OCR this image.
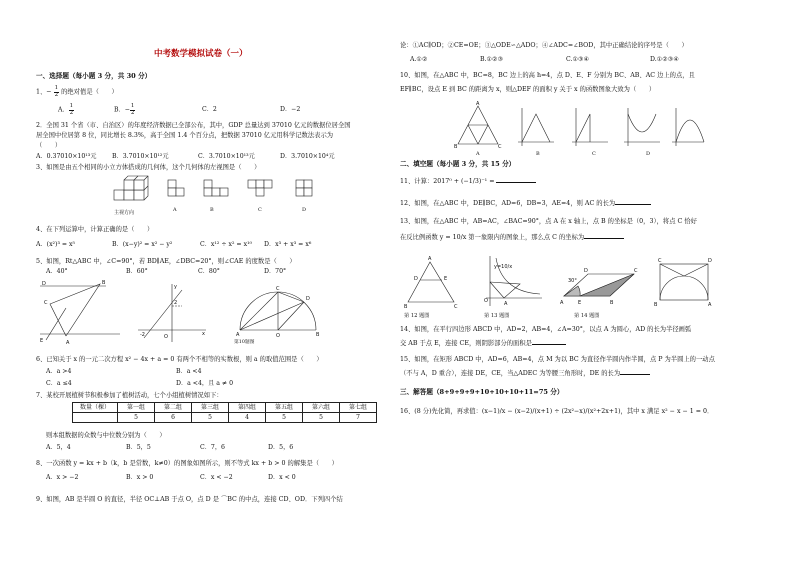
中考数学模拟试卷（一）
一、选择题（每小题 3 分，共 30 分）
1、− $\frac{1}{2}$ 的绝对值是（　　）
A． $\frac{1}{2}$	B．− $\frac{1}{2}$	C．2	D．−2
2．全国 31 个省（市、自治区）的年度经济数据已全部公布，其中，GDP 总量达到 37010 亿元的数据位居全国
居全国中位居第 8 位，同比增长 8.3%，高于全国 1.4 个百分点，把数据 37010 亿元用科学记数法表示为
（　　）
A．0.37010×10¹³元	B．3.7010×10¹²元	C．3.7010×10¹³元	D．3.7010×10⁴元
3、如图是由五个相同的小立方体搭成的几何体，这个几何体的左视图是（　　）
主视方向	A	B	C	D
4、在下列运算中，计算正确的是（　　）
A．(x²)³ = x⁵	B．(x−y)² = x² − y²	C．x¹² ÷ x² = x¹⁰ D．x³ + x³ = x⁶
5、如图，Rt△ABC 中，∠C=90°，若 BD∥AE，∠DBC=20°，则∠CAE 的度数是（　　）
A．40°	B．60°	C．80°	D．70°
D	B
C
E	A
2
O
-2	x
y	C
D
A	O	B
第10题图
6、已知关于 x 的一元二次方程 x² − 4x + a = 0 有两个不相等的实数根，则 a 的取值范围是（　　）
A．a >4	B．a <4
C．a ≤4	D．a <4，且 a ≠ 0
7、某校开展植树节积极参加了植树活动，七个小组植树情况如下：
数量（棵）	第一组	第二组	第三组	第四组	第五组	第六组	第七组
	5	6	5	4	5	5	7
则本组数据的众数与中位数分别为（　　）
A．5，4	B．5，5	C．7，6	D．5，6
8、一次函数 y = kx + b（k，b 是常数，k≠0）的图象如图所示，则不等式 kx + b > 0 的解集是（　　）
A．x > −2	B．x > 0	C．x < −2	D．x < 0
9、如图，AB 是半圆 O 的直径，半径 OC⊥AB 于点 O，点 D 是 ⌒BC 的中点，连接 CD、OD．下列四个结
论：①AC∥OD；②CE=OE；③△ODE∽△ADO；④∠ADC=∠BOD，其中正确结论的序号是（　　）
A.①②	B.①②③	C.①③④	D.①②③④
10、如图，在△ABC 中，BC=8，BC 边上的高 h=4，点 D、E、F 分别为 BC、AB、AC 边上的点，且
EF∥BC，设点 E 到 BC 的距离为 x，则△DEF 的面积 y 关于 x 的函数图象大致为（　　）
A
B	C
A	B	C	D
二、填空题（每小题 3 分，共 15 分）
11、计算：2017⁰ + (−1/3)⁻¹ =
12、如图，在△ABC 中，DE∥BC，AD=6，DB=3，AE=4，则 AC 的长为
13、如图，在△ABC 中，AB=AC，∠BAC=90°，点 A 在 x 轴上，点 B 的坐标是（0，3），将点 C 恰好
在反比例函数 y = 10/x 第一象限内的图象上，那么点 C 的坐标为
A
D	E
B	C
y=10/x
O	A
30°
A	E	B
D	C
C	D
B	A
第 12 题图	第 13 题图	第 14 题图
14、如图，在平行四边形 ABCD 中，AD=2，AB=4，∠A=30°，以点 A 为圆心，AD 的长为半径画弧
交 AB 于点 E，连接 CE，则阴影部分的面积是
15、如图，在矩形 ABCD 中，AD=6，AB=4，点 M 为以 BC 为直径作半圆内作半圆，点 P 为半圆上的一动点
（不与 A，D 重合），连接 DE，CE，当△ADEC 为等腰三角形时，DE 的长为
三、解答题（8+9+9+9+10+10+10+11=75 分）
16、(8 分)先化简，再求值：(x−1)/x − (x−2)/(x+1) ÷ (2x²−x)/(x²+2x+1)，其中 x 满足 x² − x − 1 = 0．
